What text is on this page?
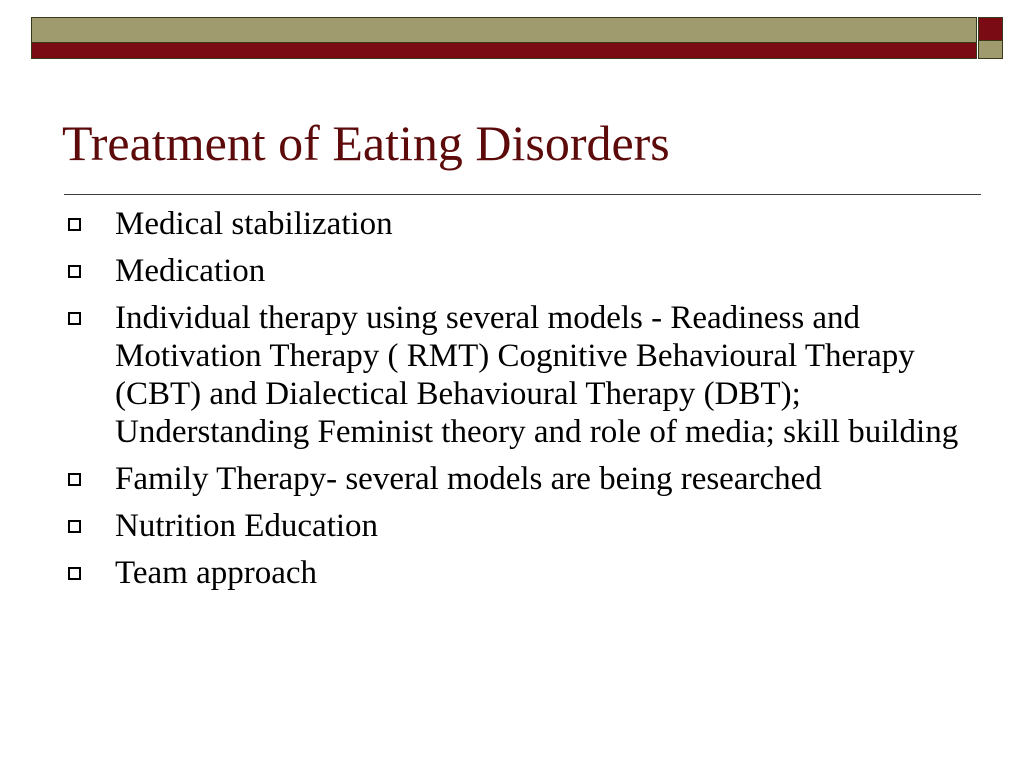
Treatment of Eating Disorders
Medical stabilization
Medication
Individual therapy using several models - Readiness and Motivation Therapy ( RMT) Cognitive Behavioural Therapy (CBT) and Dialectical Behavioural Therapy (DBT); Understanding Feminist theory and role of media; skill building
Family Therapy- several models are being researched
Nutrition Education
Team approach
